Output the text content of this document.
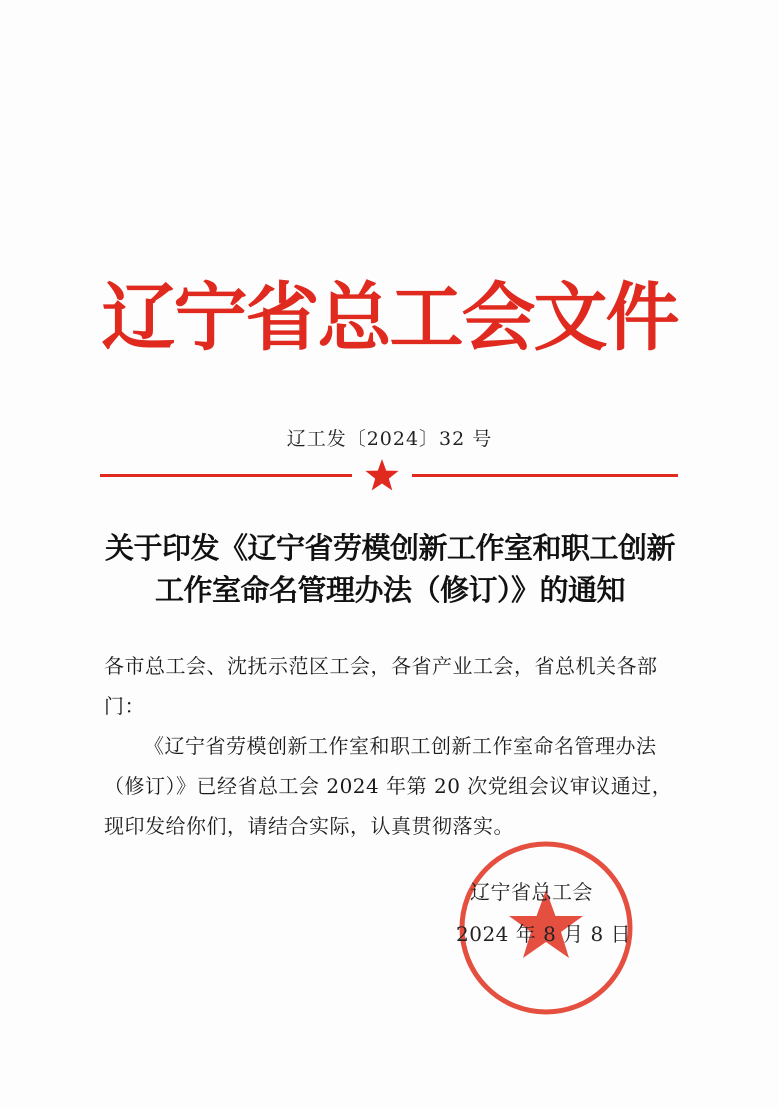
辽宁省总工会文件
辽工发〔2024〕32 号
关于印发《辽宁省劳模创新工作室和职工创新
工作室命名管理办法（修订）》的通知
各市总工会、沈抚示范区工会，各省产业工会，省总机关各部门：
《辽宁省劳模创新工作室和职工创新工作室命名管理办法（修订）》已经省总工会 2024 年第 20 次党组会议审议通过，现印发给你们，请结合实际，认真贯彻落实。
辽宁省总工会
2024 年 8 月 8 日
